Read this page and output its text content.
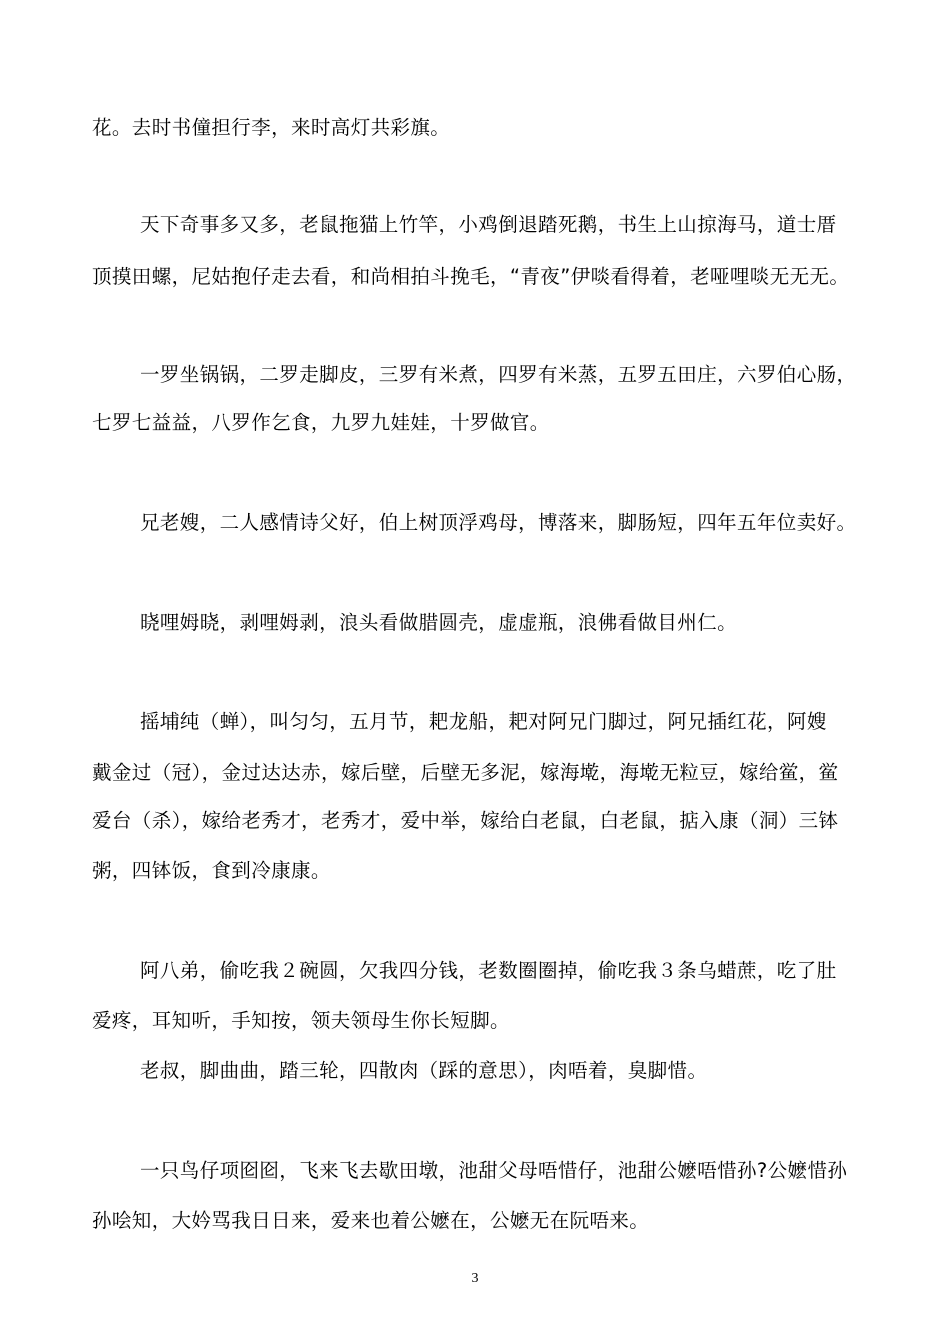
花。去时书僮担行李，来时高灯共彩旗。
天下奇事多又多，老鼠拖猫上竹竿，小鸡倒退踏死鹅，书生上山掠海马，道士厝
顶摸田螺，尼姑抱仔走去看，和尚相拍斗挽毛，“青夜”伊啖看得着，老哑哩啖无无无。
一罗坐锅锅，二罗走脚皮，三罗有米煮，四罗有米蒸，五罗五田庄，六罗伯心肠，
七罗七益益，八罗作乞食，九罗九娃娃，十罗做官。
兄老嫂，二人感情诗父好，伯上树顶浮鸡母，博落来，脚肠短，四年五年位卖好。
晓哩姆晓，剥哩姆剥，浪头看做腊圆壳，虚虚瓶，浪佛看做目州仁。
摇埔纯（蝉），叫匀匀，五月节，耙龙船，耙对阿兄门脚过，阿兄插红花，阿嫂
戴金过（冠），金过达达赤，嫁后壁，后壁无多泥，嫁海墘，海墘无粒豆，嫁给鲎，鲎
爱台（杀），嫁给老秀才，老秀才，爱中举，嫁给白老鼠，白老鼠，掂入康（洞）三钵
粥，四钵饭，食到冷康康。
阿八弟，偷吃我２碗圆，欠我四分钱，老数圈圈掉，偷吃我３条乌蜡蔗，吃了肚
爱疼，耳知听，手知按，领夫领母生你长短脚。
老叔，脚曲曲，踏三轮，四散肉（踩的意思），肉唔着，臭脚惜。
一只鸟仔项囵囵，飞来飞去歇田墩，池甜父母唔惜仔，池甜公嬷唔惜孙?公嬷惜孙
孙哙知，大妗骂我日日来，爱来也着公嬷在，公嬷无在阮唔来。
3
